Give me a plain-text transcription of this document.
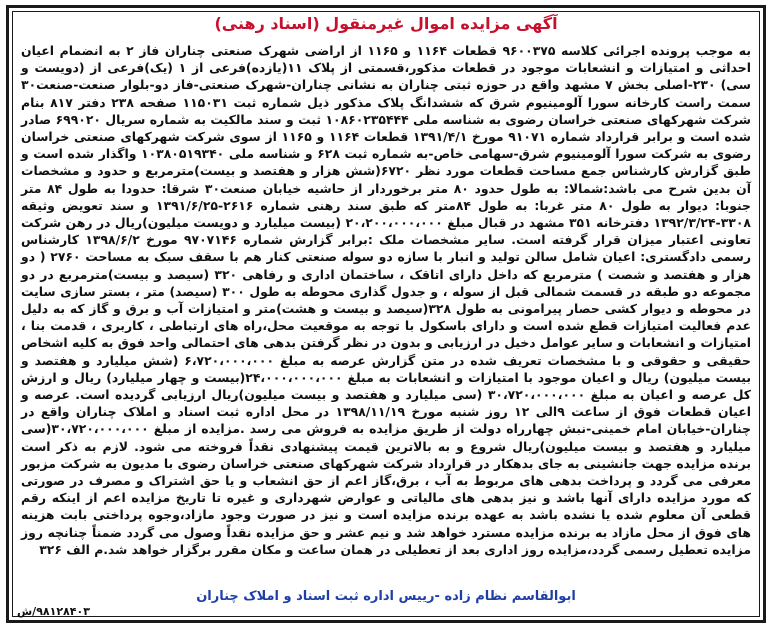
آگهی مزایده اموال غیرمنقول (اسناد رهنی)
به موجب پرونده اجرائی کلاسه ۹۶۰۰۳۷۵ قطعات ۱۱۶۴ و ۱۱۶۵ از اراضی شهرک صنعتی چناران فاز ۲ به انضمام اعیان احداثی و امتیازات و انشعابات موجود در قطعات مذکور،قسمتی از پلاک ۱۱(یازده)فرعی از ۱ (یک)فرعی از (دویست و سی) ۲۳۰-اصلی بخش ۷ مشهد واقع در حوزه ثبتی چناران به نشانی چناران-شهرک صنعتی-فاز دو-بلوار صنعت-صنعت۳۰ سمت راست کارخانه سورا آلومینیوم شرق که ششدانگ پلاک مذکور ذیل شماره ثبت ۱۱۵۰۳۱ صفحه ۲۳۸ دفتر ۸۱۷ بنام شرکت شهرکهای صنعتی خراسان رضوی به شناسه ملی ۱۰۸۶۰۲۳۵۴۴۴ ثبت و سند مالکیت به شماره سریال ۶۹۹۰۲۰ صادر شده است و برابر قرارداد شماره ۹۱۰۷۱ مورخ ۱۳۹۱/۴/۱ قطعات ۱۱۶۴ و ۱۱۶۵ از سوی شرکت شهرکهای صنعتی خراسان رضوی به شرکت سورا آلومینیوم شرق-سهامی خاص-به شماره ثبت ۶۲۸ و شناسه ملی ۱۰۳۸۰۵۱۹۳۴۰ واگذار شده است و طبق گزارش کارشناس جمع مساحت قطعات مورد نظر ۶۷۲۰(شش هزار و هفتصد و بیست)مترمربع و حدود و مشخصات آن بدین شرح می باشد:شمالا: به طول حدود ۸۰ متر برخوردار از حاشیه خیابان صنعت۳۰ شرقا: حدودا به طول ۸۴ متر جنوبا: دیوار به طول ۸۰ متر غربا: به طول ۸۴متر که طبق سند رهنی شماره ۲۶۱۶-۱۳۹۱/۶/۲۵ و سند تعویض وثیقه ۳۳۰۸-۱۳۹۲/۳/۲۴ دفترخانه ۳۵۱ مشهد در قبال مبلغ ۲۰،۲۰۰،۰۰۰،۰۰۰ (بیست میلیارد و دویست میلیون)ریال در رهن شرکت تعاونی اعتبار میزان قرار گرفته است. سایر مشخصات ملک :برابر گزارش شماره ۹۷۰۷۱۴۶ مورخ ۱۳۹۸/۶/۲ کارشناس رسمی دادگستری: اعیان شامل سالن تولید و انبار با سازه دو سوله صنعتی کنار هم با سقف سبک به مساحت ۲۷۶۰ ( دو هزار و هفتصد و شصت ) مترمربع که داخل دارای اتاقک ، ساختمان اداری و رفاهی ۳۲۰ (سیصد و بیست)مترمربع در دو مجموعه دو طبقه در قسمت شمالی قبل از سوله ، و جدول گذاری محوطه به طول ۳۰۰ (سیصد) متر ، بستر سازی سایت در محوطه و دیوار کشی حصار پیرامونی به طول ۳۲۸(سیصد و بیست و هشت)متر و امتیازات آب و برق و گاز که به دلیل عدم فعالیت امتیازات قطع شده است و دارای باسکول با توجه به موقعیت محل،راه های ارتباطی ، کاربری ، قدمت بنا ، امتیازات و انشعابات و سایر عوامل دخیل در ارزیابی و بدون در نظر گرفتن بدهی های احتمالی واحد فوق به کلیه اشخاص حقیقی و حقوقی و با مشخصات تعریف شده در متن گزارش عرصه به مبلغ ۶،۷۲۰،۰۰۰،۰۰۰ (شش میلیارد و هفتصد و بیست میلیون) ریال و اعیان موجود با امتیازات و انشعابات به مبلغ ۲۴،۰۰۰،۰۰۰،۰۰۰(بیست و چهار میلیارد) ریال و ارزش کل عرصه و اعیان به مبلغ ۳۰،۷۲۰،۰۰۰،۰۰۰ (سی میلیارد و هفتصد و بیست میلیون)ریال ارزیابی گردیده است. عرصه و اعیان قطعات فوق از ساعت ۹الی ۱۲ روز شنبه مورخ ۱۳۹۸/۱۱/۱۹ در محل اداره ثبت اسناد و املاک چناران واقع در چناران-خیابان امام خمینی-نبش چهارراه دولت از طریق مزایده به فروش می رسد .مزایده از مبلغ ۳۰،۷۲۰،۰۰۰،۰۰۰(سی میلیارد و هفتصد و بیست میلیون)ریال شروع و به بالاترین قیمت پیشنهادی نقداً فروخته می شود. لازم به ذکر است برنده مزایده جهت جانشینی به جای بدهکار در قرارداد شرکت شهرکهای صنعتی خراسان رضوی با مدیون به شرکت مزبور معرفی می گردد و پرداخت بدهی های مربوط به آب ، برق،گاز اعم از حق انشعاب و یا حق اشتراک و مصرف در صورتی که مورد مزایده دارای آنها باشد و نیز بدهی های مالیاتی و عوارض شهرداری و غیره تا تاریخ مزایده اعم از اینکه رقم قطعی آن معلوم شده یا نشده باشد به عهده برنده مزایده است و نیز در صورت وجود مازاد،وجوه پرداختی بابت هزینه های فوق از محل مازاد به برنده مزایده مسترد خواهد شد و نیم عشر و حق مزایده نقداً وصول می گردد ضمناً چنانچه روز مزایده تعطیل رسمی گردد،مزایده روز اداری بعد از تعطیلی در همان ساعت و مکان مقرر برگزار خواهد شد.م الف ۳۲۶
ابوالقاسم نظام زاده -رییس اداره ثبت اسناد و املاک چناران
۹۸۱۲۸۴۰۳/ش
